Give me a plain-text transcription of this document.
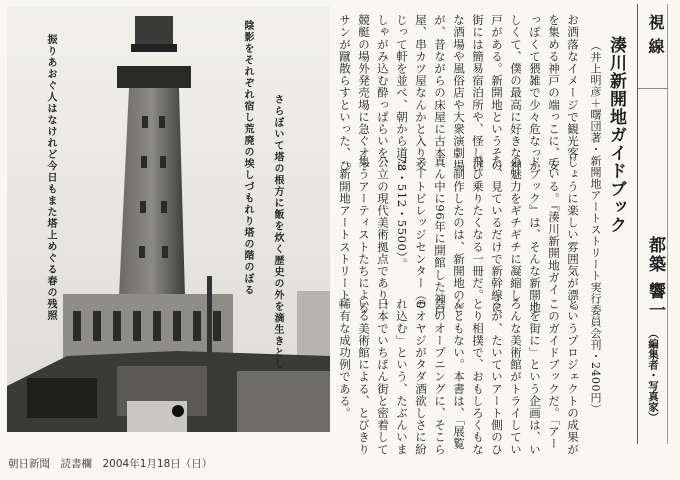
陰影をそれぞれ宿し荒廃の埃しづもれり塔の階のぼる さらぼいて塔の根方に飯を炊く歴史の外を滴生きとし
振りあおぐ人はなけれど今日もまた塔上めぐる春の残照	お洒落なイメージで観光客
を集める神戸の端っこに、安
っぽくて猥雑で少々危なっか
しくて、僕の最高に好きな神
戸がある。新開地というその
街には簡易宿泊所や、怪しげ
な酒場や風俗店や大衆演劇場
が、昔ながらの床屋に古本
屋、串カツ屋なんかと入り交
じって軒を並べ、朝から道に
しゃがみ込む酔っぱらいを、
競艇の場外発売場に急ぐオッ
サンが蹴散らすといった、ひ
じょうに楽しい雰囲気が漂っ
ている。『湊川新開地ガイ
ドブック』は、そんな新開地
の魅力をギチギチに凝縮し
た、見ているだけで新幹線に
飛び乗りたくなる一冊だ。
　制作したのは、新開地のど
真ん中に96年に開館した神戸
アートビレッジセンター（0
78・512・5500）。
公立の現代美術拠点であり、
集うアーティストたちによる
「新開地アートストリート」
というプロジェクトの成果が
このガイドブックだ。「アー
トを街に」という企画は、い
ろんな美術館がトライしてい
るが、たいていアート側のひ
とり相撲で、おもしろくもな
んともない。本書は、「展覧
会のオープニングに、そこら
のオヤジがタダ酒欲しさに紛
れ込む」という、たぶんいま
日本でいちばん街と密着して
いる美術館による、とびきり
稀有な成功例である。
湊川新開地ガイドブック
（井上明彦＋曙団著・新開地アートストリート実行委員会刊・2400円）
視線
都築 響一
（編集者・写真家）
朝日新聞　読書欄　2004年1月18日（日）
